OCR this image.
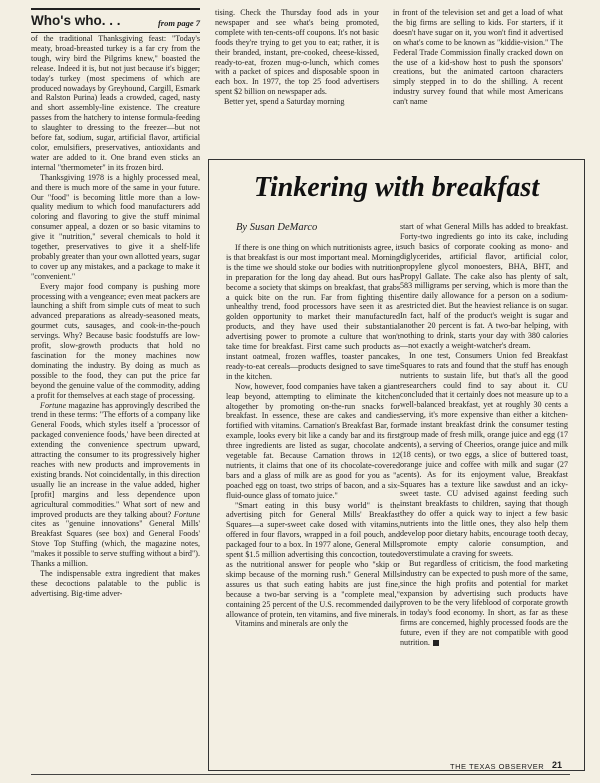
Who's who. . .	from page 7

of the traditional Thanksgiving feast: "Today's meaty, broad-breasted turkey is a far cry from the tough, wiry bird the Pilgrims knew," boasted the release. Indeed it is, but not just because it's bigger; today's turkey (most specimens of which are produced nowadays by Greyhound, Cargill, Esmark and Ralston Purina) leads a crowded, caged, nasty and short assembly-line existence. The creature passes from the hatchery to intense formula-feeding to slaughter to dressing to the freezer—but not before fat, sodium, sugar, artificial flavor, artificial color, emulsifiers, preservatives, antioxidants and water are added to it. One brand even sticks an internal "thermometer" in its frozen bird.

Thanksgiving 1978 is a highly processed meal, and there is much more of the same in your future. Our "food" is becoming little more than a low-quality medium to which food manufacturers add coloring and flavoring to give the stuff minimal consumer appeal, a dozen or so basic vitamins to give it "nutrition," several chemicals to hold it together, preservatives to give it a shelf-life probably greater than your own allotted years, sugar to cover up any mistakes, and a package to make it "convenient."

Every major food company is pushing more processing with a vengeance; even meat packers are launching a shift from simple cuts of meat to such advanced preparations as already-seasoned meats, gourmet cuts, sausages, and cook-in-the-pouch servings. Why? Because basic foodstuffs are low-profit, slow-growth products that hold no fascination for the money machines now dominating the industry. By doing as much as possible to the food, they can put the price far beyond the genuine value of the commodity, adding a profit for themselves at each stage of processing.

Fortune magazine has approvingly described the trend in these terms: "The efforts of a company like General Foods, which styles itself a 'processor of packaged convenience foods,' have been directed at extending the convenience spectrum upward, attracting the consumer to its progressively higher reaches with new products and improvements in existing brands. Not coincidentally, in this direction usually lie an increase in the value added, higher [profit] margins and less dependence upon agricultural commodities." What sort of new and improved products are they talking about? Fortune cites as "genuine innovations" General Mills' Breakfast Squares (see box) and General Foods' Stove Top Stuffing (which, the magazine notes, "makes it possible to serve stuffing without a bird"). Thanks a million.

The indispensable extra ingredient that makes these decoctions palatable to the public is advertising. Big-time adver-

tising. Check the Thursday food ads in your newspaper and see what's being promoted, complete with ten-cents-off coupons. It's not basic foods they're trying to get you to eat; rather, it is their branded, instant, pre-cooked, cheese-kissed, ready-to-eat, frozen mug-o-lunch, which comes with a packet of spices and disposable spoon in each box. In 1977, the top 25 food advertisers spent $2 billion on newspaper ads.

Better yet, spend a Saturday morning

in front of the television set and get a load of what the big firms are selling to kids. For starters, if it doesn't have sugar on it, you won't find it advertised on what's come to be known as "kiddie-vision." The Federal Trade Commission finally cracked down on the use of a kid-show host to push the sponsors' creations, but the animated cartoon characters simply stepped in to do the shilling. A recent industry survey found that while most Americans can't name

Tinkering with breakfast

By Susan DeMarco

If there is one thing on which nutritionists agree, it is that breakfast is our most important meal. Morning is the time we should stoke our bodies with nutrition in preparation for the long day ahead. But ours has become a society that skimps on breakfast, that grabs a quick bite on the run. Far from fighting this unhealthy trend, food processors have seen it as a golden opportunity to market their manufactured products, and they have used their substantial advertising power to promote a culture that won't take time for breakfast. First came such products as instant oatmeal, frozen waffles, toaster pancakes, ready-to-eat cereals—products designed to save time in the kitchen.

Now, however, food companies have taken a giant leap beyond, attempting to eliminate the kitchen altogether by promoting on-the-run snacks for breakfast. In essence, these are cakes and candies fortified with vitamins. Carnation's Breakfast Bar, for example, looks every bit like a candy bar and its first three ingredients are listed as sugar, chocolate and vegetable fat. Because Carnation throws in 12 nutrients, it claims that one of its chocolate-covered bars and a glass of milk are as good for you as "a poached egg on toast, two strips of bacon, and a six-fluid-ounce glass of tomato juice."

"Smart eating in this busy world" is the advertising pitch for General Mills' Breakfast Squares—a super-sweet cake dosed with vitamins, offered in four flavors, wrapped in a foil pouch, and packaged four to a box. In 1977 alone, General Mills spent $1.5 million advertising this concoction, touted as the nutritional answer for people who "skip or skimp because of the morning rush." General Mills assures us that such eating habits are just fine, because a two-bar serving is a "complete meal," containing 25 percent of the U.S. recommended daily allowance of protein, ten vitamins, and five minerals.

Vitamins and minerals are only the

start of what General Mills has added to breakfast. Forty-two ingredients go into its cake, including such basics of corporate cooking as mono- and diglycerides, artificial flavor, artificial color, propylene glycol monoesters, BHA, BHT, and Propyl Gallate. The cake also has plenty of salt, 583 milligrams per serving, which is more than the entire daily allowance for a person on a sodium-restricted diet. But the heaviest reliance is on sugar. In fact, half of the product's weight is sugar and another 20 percent is fat. A two-bar helping, with nothing to drink, starts your day with 380 calories—not exactly a weight-watcher's dream.

In one test, Consumers Union fed Breakfast Squares to rats and found that the stuff has enough nutrients to sustain life, but that's all the good researchers could find to say about it. CU concluded that it certainly does not measure up to a well-balanced breakfast, yet at roughly 30 cents a serving, it's more expensive than either a kitchen-made instant breakfast drink the consumer testing group made of fresh milk, orange juice and egg (17 cents), a serving of Cheerios, orange juice and milk (18 cents), or two eggs, a slice of buttered toast, orange juice and coffee with milk and sugar (27 cents). As for its enjoyment value, Breakfast Squares has a texture like sawdust and an icky-sweet taste. CU advised against feeding such instant breakfasts to children, saying that though they do offer a quick way to inject a few basic nutrients into the little ones, they also help them develop poor dietary habits, encourage tooth decay, promote empty calorie consumption, and overstimulate a craving for sweets.

But regardless of criticism, the food marketing industry can be expected to push more of the same, since the high profits and potential for market expansion by advertising such products have proven to be the very lifeblood of corporate growth in today's food economy. In short, as far as these firms are concerned, highly processed foods are the future, even if they are not compatible with good nutrition.

THE TEXAS OBSERVER 21
